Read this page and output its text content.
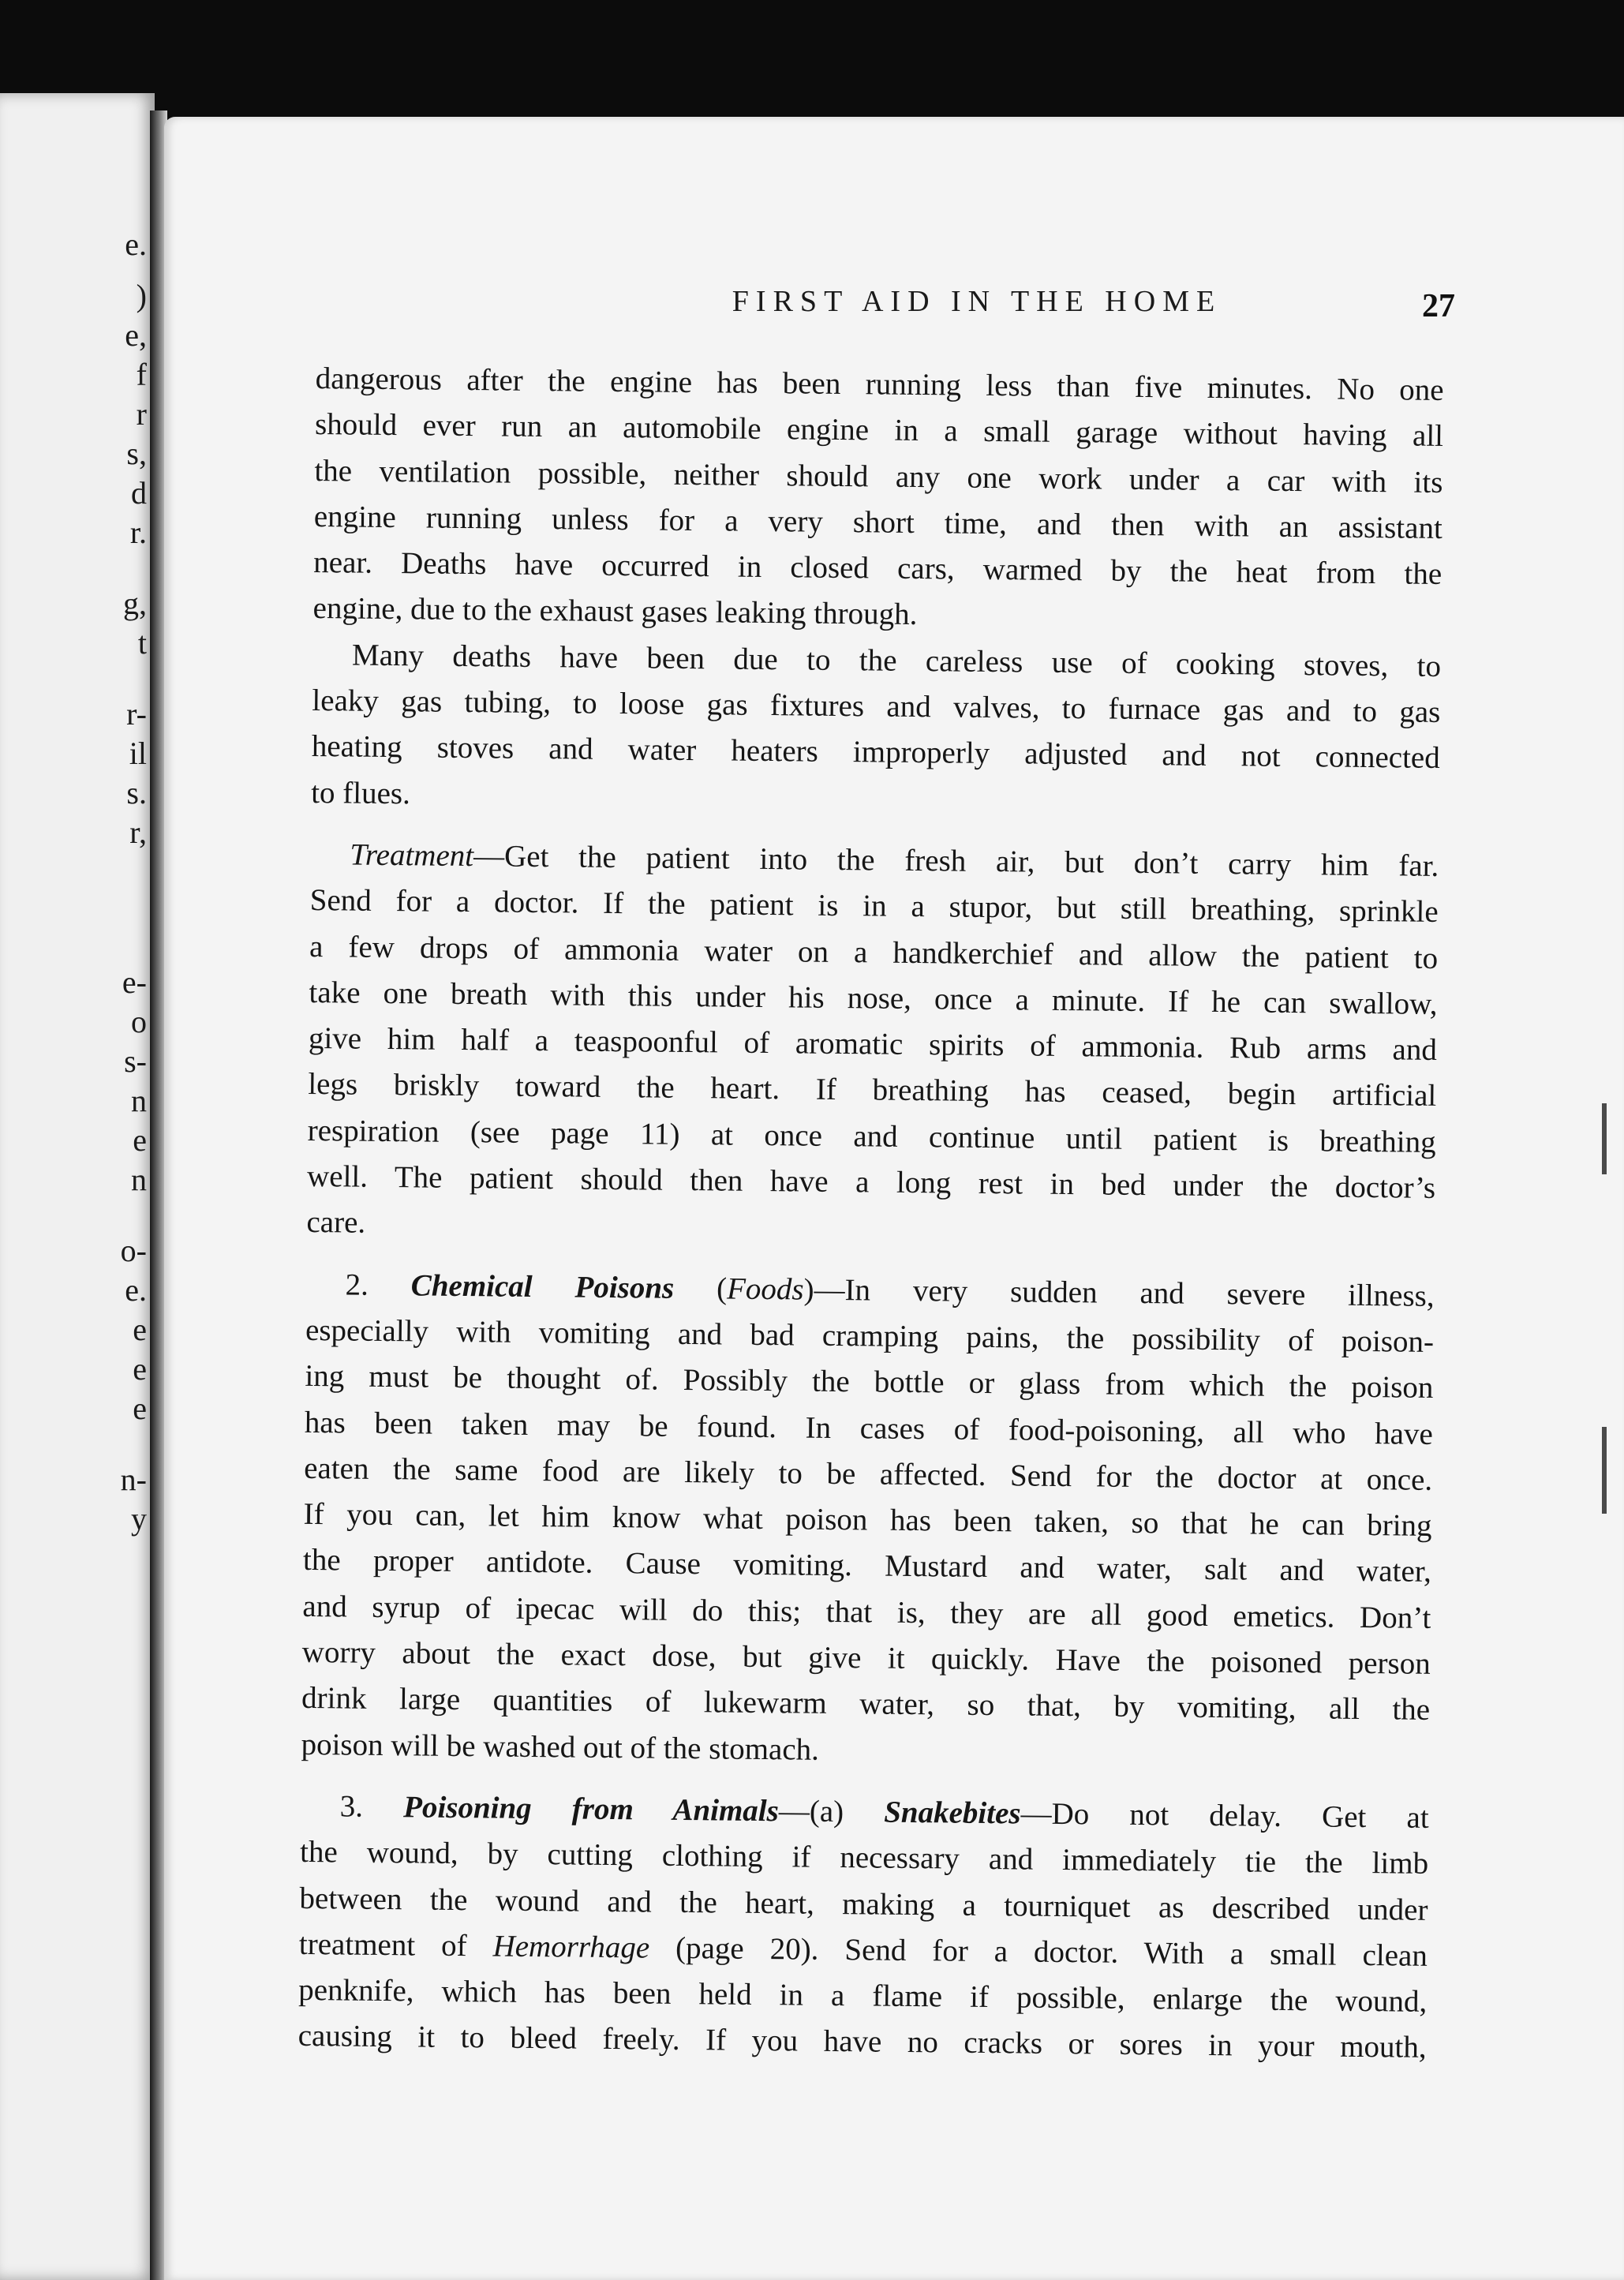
e.
)
e,
f
r
s,
d
r.
g,
t
r-
il
s.
r,
e-
o
s-
n
e
n
o-
e.
e
e
e
n-
y
FIRST AID IN THE HOME	27

dangerous after the engine has been running less than five minutes. No one

should ever run an automobile engine in a small garage without having all

the ventilation possible, neither should any one work under a car with its

engine running unless for a very short time, and then with an assistant

near. Deaths have occurred in closed cars, warmed by the heat from the

engine, due to the exhaust gases leaking through.

Many deaths have been due to the careless use of cooking stoves, to

leaky gas tubing, to loose gas fixtures and valves, to furnace gas and to gas

heating stoves and water heaters improperly adjusted and not connected

to flues.

Treatment—Get the patient into the fresh air, but don’t carry him far.

Send for a doctor. If the patient is in a stupor, but still breathing, sprinkle

a few drops of ammonia water on a handkerchief and allow the patient to

take one breath with this under his nose, once a minute. If he can swallow,

give him half a teaspoonful of aromatic spirits of ammonia. Rub arms and

legs briskly toward the heart. If breathing has ceased, begin artificial

respiration (see page 11) at once and continue until patient is breathing

well. The patient should then have a long rest in bed under the doctor’s

care.

2. Chemical Poisons (Foods)—In very sudden and severe illness,

especially with vomiting and bad cramping pains, the possibility of poison-

ing must be thought of. Possibly the bottle or glass from which the poison

has been taken may be found. In cases of food-poisoning, all who have

eaten the same food are likely to be affected. Send for the doctor at once.

If you can, let him know what poison has been taken, so that he can bring

the proper antidote. Cause vomiting. Mustard and water, salt and water,

and syrup of ipecac will do this; that is, they are all good emetics. Don’t

worry about the exact dose, but give it quickly. Have the poisoned person

drink large quantities of lukewarm water, so that, by vomiting, all the

poison will be washed out of the stomach.

3. Poisoning from Animals—(a) Snakebites—Do not delay. Get at

the wound, by cutting clothing if necessary and immediately tie the limb

between the wound and the heart, making a tourniquet as described under

treatment of Hemorrhage (page 20). Send for a doctor. With a small clean

penknife, which has been held in a flame if possible, enlarge the wound,

causing it to bleed freely. If you have no cracks or sores in your mouth,
